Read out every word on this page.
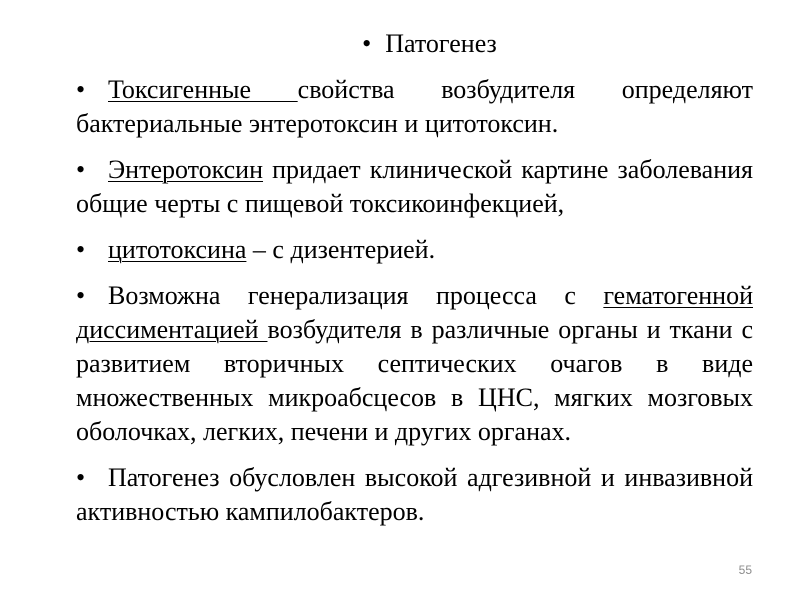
• Патогенез
• Токсигенные свойства возбудителя определяют бактериальные энтеротоксин и цитотоксин.
• Энтеротоксин придает клинической картине заболевания общие черты с пищевой токсикоинфекцией,
• цитотоксина – с дизентерией.
• Возможна генерализация процесса с гематогенной диссиментацией возбудителя в различные органы и ткани с развитием вторичных септических очагов в виде множественных микроабсцесов в ЦНС, мягких мозговых оболочках, легких, печени и других органах.
• Патогенез обусловлен высокой адгезивной и инвазивной активностью кампилобактеров.
55
